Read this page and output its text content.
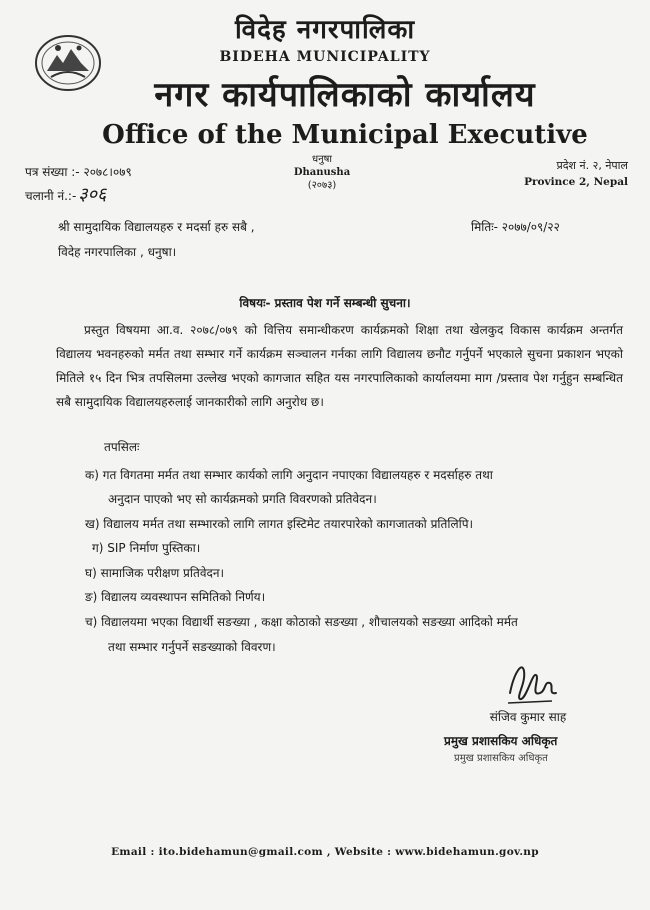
विदेह नगरपालिका
BIDEHA MUNICIPALITY
नगर कार्यपालिकाको कार्यालय
Office of the Municipal Executive
पत्र संख्या :- २०७८।०७९
चलानी नं.:- ३०६
धनुषा
Dhanusha
(२०७३)
प्रदेश नं. २, नेपाल
Province 2, Nepal
श्री सामुदायिक विद्यालयहरु र मदर्सा हरु सबै ,
विदेह नगरपालिका , धनुषा।
मितिः- २०७७/०९/२२
विषयः- प्रस्ताव पेश गर्ने सम्बन्धी सुचना।
प्रस्तुत विषयमा आ.व. २०७८/०७९ को वित्तिय समान्धीकरण कार्यक्रमको शिक्षा तथा खेलकुद विकास कार्यक्रम अन्तर्गत विद्यालय भवनहरुको मर्मत तथा सम्भार गर्ने कार्यक्रम सञ्चालन गर्नका लागि विद्यालय छनौट गर्नुपर्ने भएकाले सुचना प्रकाशन भएको मितिले १५ दिन भित्र तपसिलमा उल्लेख भएको कागजात सहित यस नगरपालिकाको कार्यालयमा माग /प्रस्ताव पेश गर्नुहुन सम्बन्धित सबै सामुदायिक विद्यालयहरुलाई जानकारीको लागि अनुरोध छ।
तपसिलः
क) गत विगतमा मर्मत तथा सम्भार कार्यको लागि अनुदान नपाएका विद्यालयहरु र मदर्साहरु तथा
अनुदान पाएको भए सो कार्यक्रमको प्रगति विवरणको प्रतिवेदन।
ख) विद्यालय मर्मत तथा सम्भारको लागि लागत इस्टिमेट तयारपारेको कागजातको प्रतिलिपि।
ग) SIP निर्माण पुस्तिका।
घ) सामाजिक परीक्षण प्रतिवेदन।
ङ) विद्यालय व्यवस्थापन समितिको निर्णय।
च) विद्यालयमा भएका विद्यार्थी सङख्या , कक्षा कोठाको सङख्या , शौचालयको सङख्या आदिको मर्मत
तथा सम्भार गर्नुपर्ने सङख्याको विवरण।
संजिव कुमार साह
प्रमुख प्रशासकिय अधिकृत
प्रमुख प्रशासकिय अधिकृत
Email : ito.bidehamun@gmail.com , Website : www.bidehamun.gov.np
